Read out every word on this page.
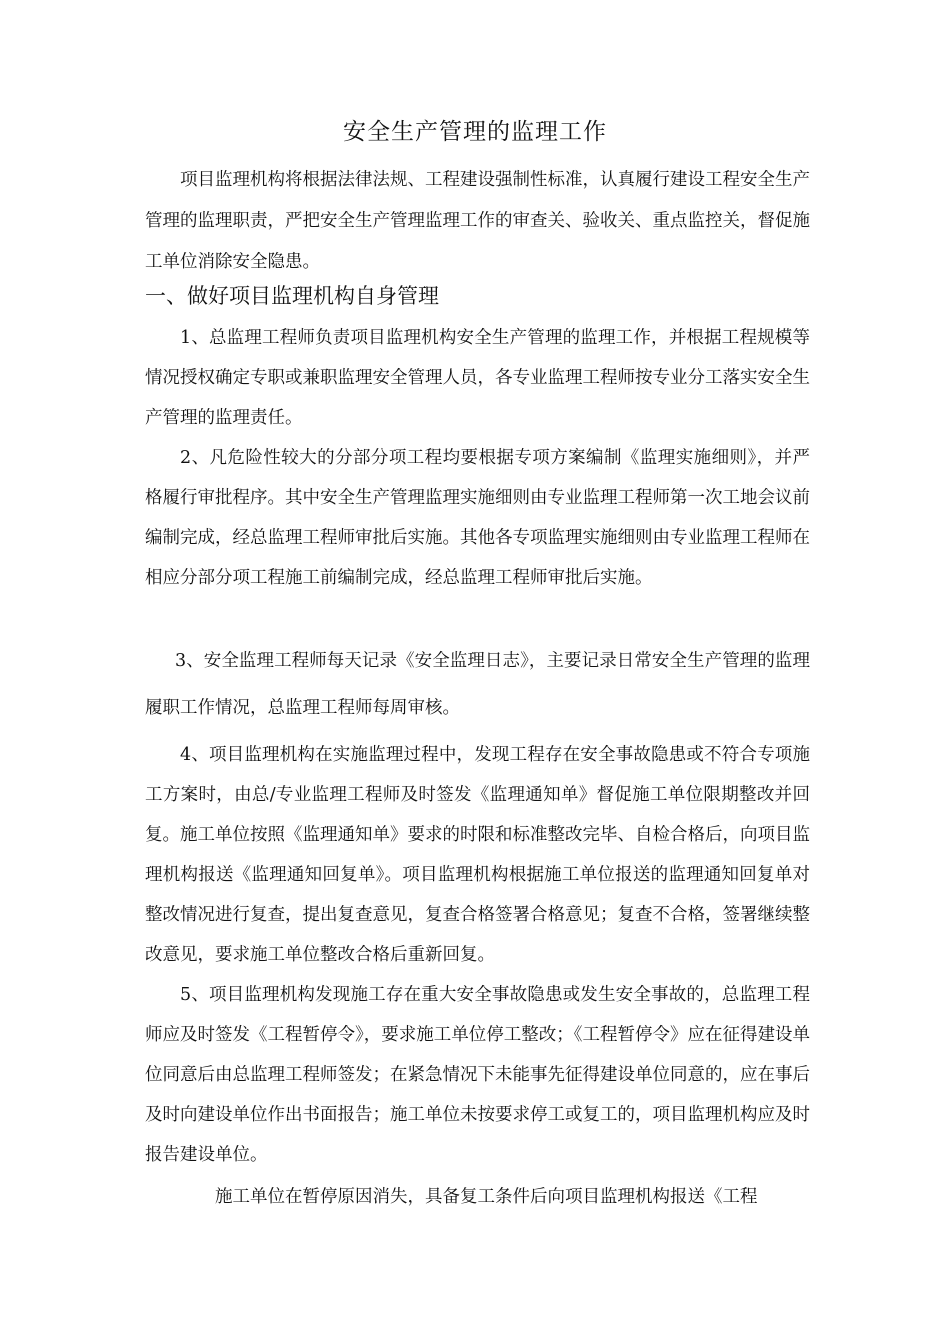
安全生产管理的监理工作

项目监理机构将根据法律法规、工程建设强制性标准，认真履行建设工程安全生产管理的监理职责，严把安全生产管理监理工作的审查关、验收关、重点监控关，督促施工单位消除安全隐患。

一、做好项目监理机构自身管理

1、总监理工程师负责项目监理机构安全生产管理的监理工作，并根据工程规模等情况授权确定专职或兼职监理安全管理人员，各专业监理工程师按专业分工落实安全生产管理的监理责任。

2、凡危险性较大的分部分项工程均要根据专项方案编制《监理实施细则》，并严格履行审批程序。其中安全生产管理监理实施细则由专业监理工程师第一次工地会议前编制完成，经总监理工程师审批后实施。其他各专项监理实施细则由专业监理工程师在相应分部分项工程施工前编制完成，经总监理工程师审批后实施。

3、安全监理工程师每天记录《安全监理日志》，主要记录日常安全生产管理的监理履职工作情况，总监理工程师每周审核。

4、项目监理机构在实施监理过程中，发现工程存在安全事故隐患或不符合专项施工方案时，由总/专业监理工程师及时签发《监理通知单》督促施工单位限期整改并回复。施工单位按照《监理通知单》要求的时限和标准整改完毕、自检合格后，向项目监理机构报送《监理通知回复单》。项目监理机构根据施工单位报送的监理通知回复单对整改情况进行复查，提出复查意见，复查合格签署合格意见；复查不合格，签署继续整改意见，要求施工单位整改合格后重新回复。

5、项目监理机构发现施工存在重大安全事故隐患或发生安全事故的，总监理工程师应及时签发《工程暂停令》，要求施工单位停工整改；《工程暂停令》应在征得建设单位同意后由总监理工程师签发；在紧急情况下未能事先征得建设单位同意的，应在事后及时向建设单位作出书面报告；施工单位未按要求停工或复工的，项目监理机构应及时报告建设单位。

施工单位在暂停原因消失，具备复工条件后向项目监理机构报送《工程
